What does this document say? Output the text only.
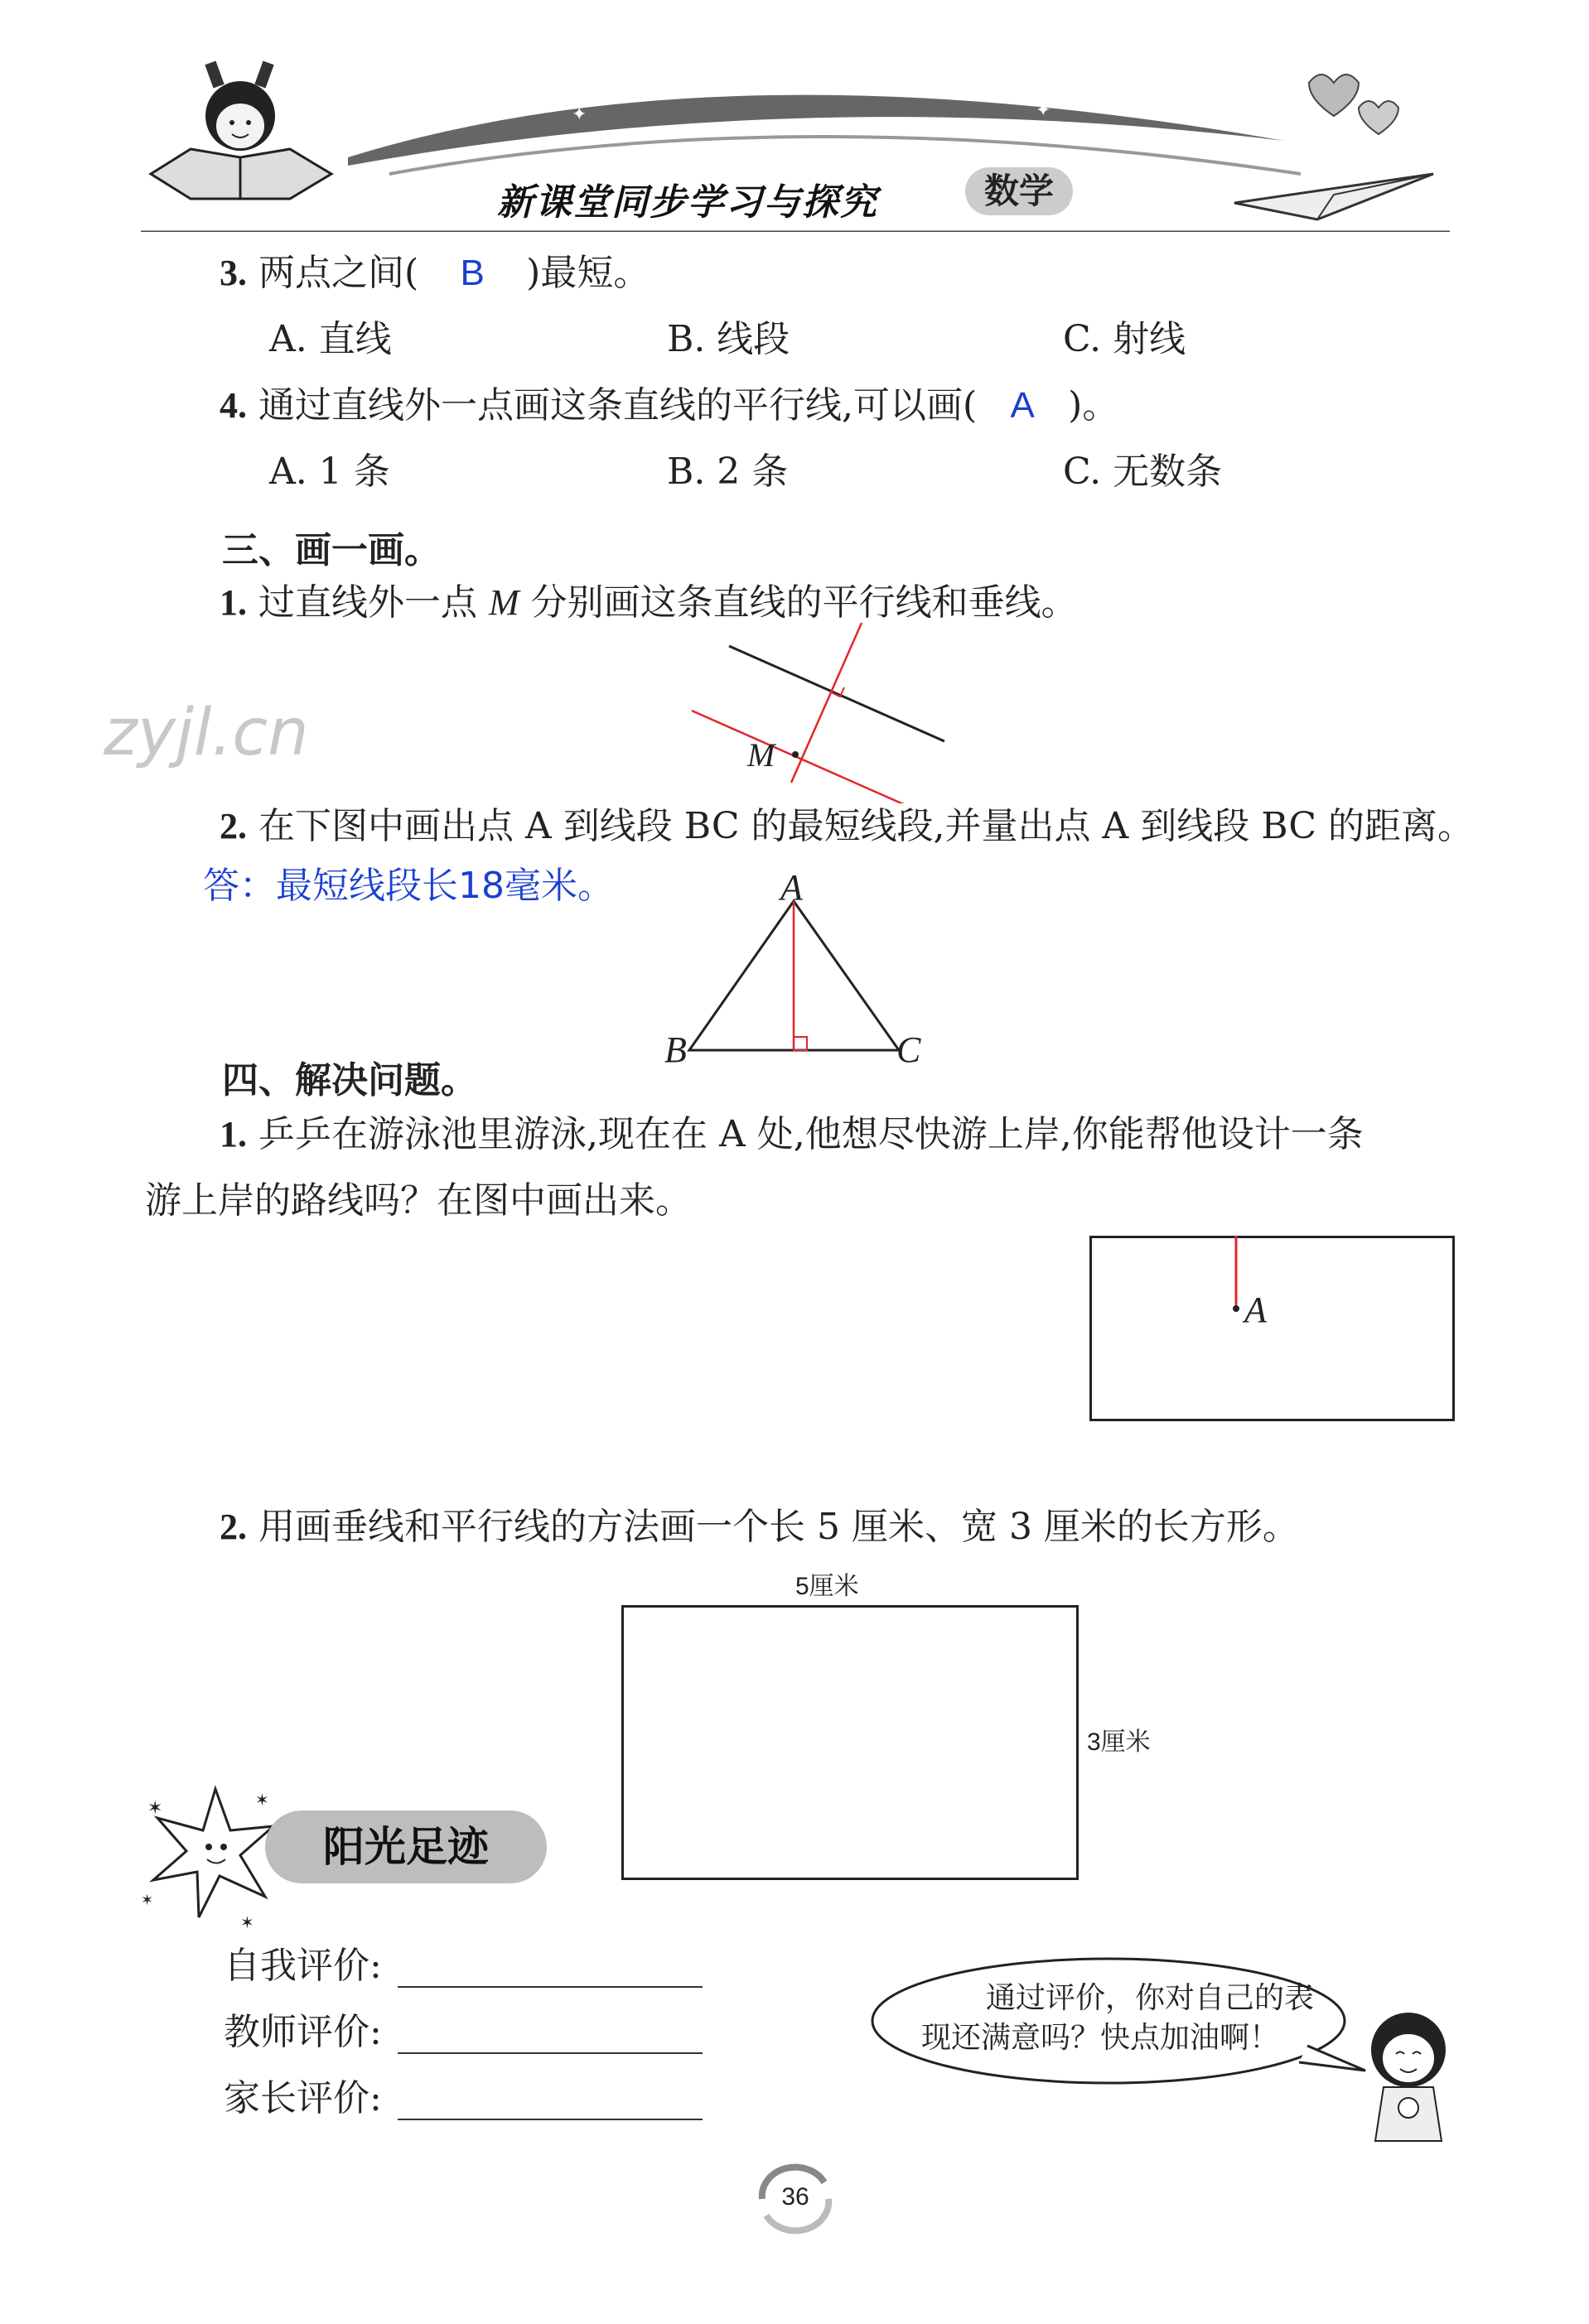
✦	✦
新课堂同步学习与探究	数学
3. 两点之间( B )最短。
A. 直线	B. 线段	C. 射线
4. 通过直线外一点画这条直线的平行线,可以画( A )。
A. 1 条	B. 2 条	C. 无数条
三、画一画。
1. 过直线外一点 M 分别画这条直线的平行线和垂线。
zyjl.cn	M
2. 在下图中画出点 A 到线段 BC 的最短线段,并量出点 A 到线段 BC 的距离。
答：最短线段长18毫米。	A
B	C
四、解决问题。
1. 乒乒在游泳池里游泳,现在在 A 处,他想尽快游上岸,你能帮他设计一条
游上岸的路线吗？在图中画出来。
A
2. 用画垂线和平行线的方法画一个长 5 厘米、宽 3 厘米的长方形。
5厘米
3厘米
✶	✶
✶
✶
阳光足迹
自我评价:
教师评价:
家长评价:
通过评价，你对自己的表
现还满意吗？快点加油啊！
36
